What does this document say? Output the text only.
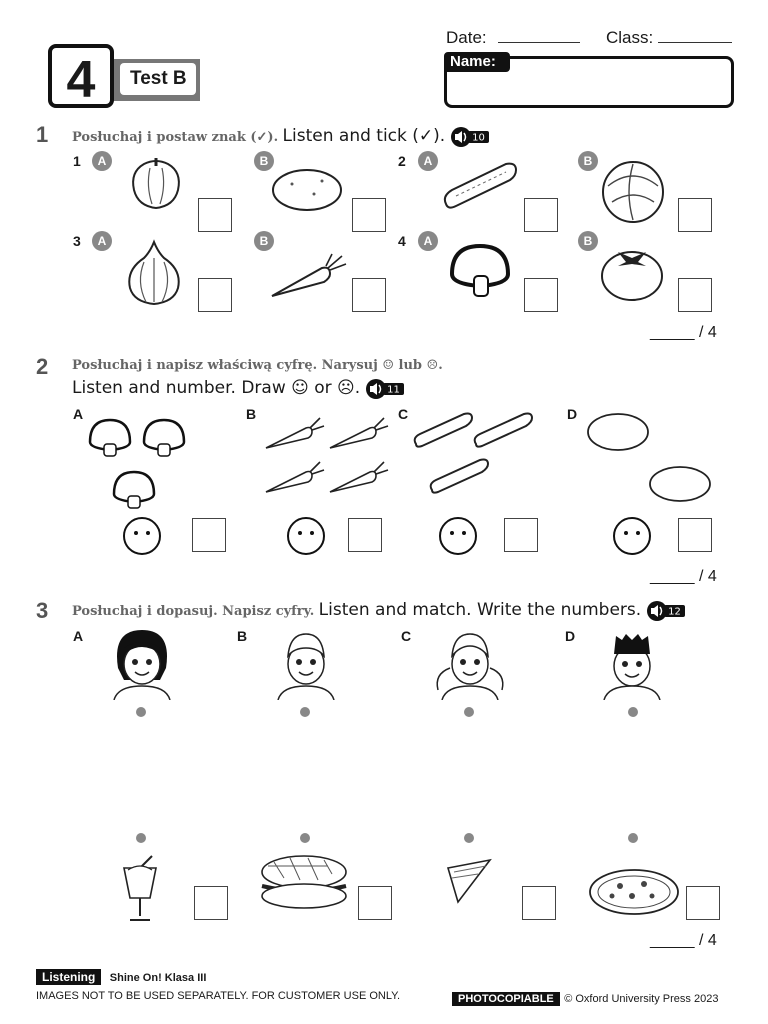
Test B
4
Date:	Class:
Name:
1 Posłuchaj i postaw znak (✓). Listen and tick (✓).	10
1	A	B	2	A	B
3	A	B	4	A	B
_____ / 4
2 Posłuchaj i napisz właściwą cyfrę. Narysuj ☺ lub ☹.
Listen and number. Draw ☺ or ☹.	11
A	B	C	D
_____ / 4
3 Posłuchaj i dopasuj. Napisz cyfry. Listen and match. Write the numbers.	12
A	B	C	D
_____ / 4
Listening Shine On! Klasa III
IMAGES NOT TO BE USED SEPARATELY. FOR CUSTOMER USE ONLY.	PHOTOCOPIABLE © Oxford University Press 2023
